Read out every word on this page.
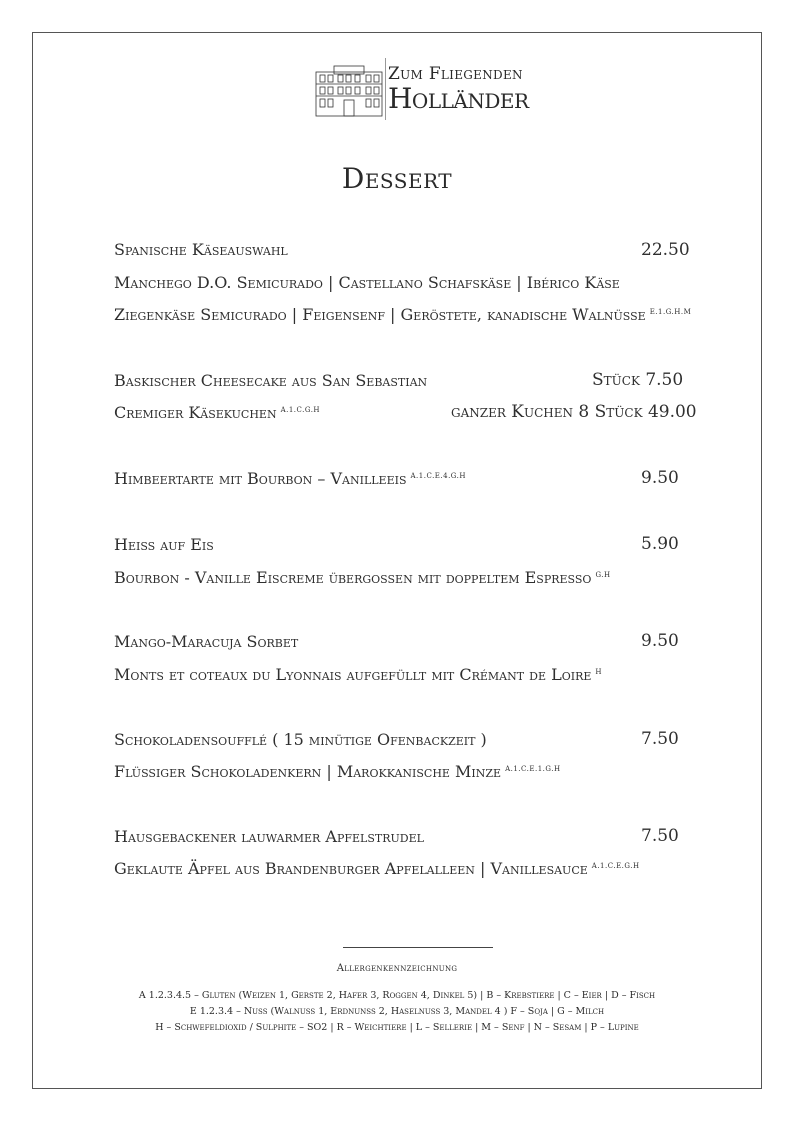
Zum Fliegenden
Holländer
Dessert
Spanische Käseauswahl	22.50
Manchego D.O. Semicurado | Castellano Schafskäse | Ibérico Käse
Ziegenkäse Semicurado | Feigensenf | Geröstete, kanadische Walnüsse $^{E.1.G.H.M}$
Baskischer Cheesecake aus San Sebastian	Stück 7.50
Cremiger Käsekuchen $^{A.1.C.G.H}$	ganzer Kuchen 8 Stück 49.00
Himbeertarte mit Bourbon – Vanilleeis $^{A.1.C.E.4.G.H}$	9.50
Heiß auf Eis	5.90
Bourbon - Vanille Eiscreme übergossen mit doppeltem Espresso $^{G.H}$
Mango-Maracuja Sorbet	9.50
Monts et coteaux du Lyonnais aufgefüllt mit Crémant de Loire $^H$
Schokoladensoufflé ( 15 minütige Ofenbackzeit )	7.50
Flüssiger Schokoladenkern | Marokkanische Minze $^{A.1.C.E.1.G.H}$
Hausgebackener lauwarmer Apfelstrudel	7.50
Geklaute Äpfel aus Brandenburger Apfelalleen | Vanillesauce $^{A.1.C.E.G.H}$
Allergenkennzeichnung
A 1.2.3.4.5 – Gluten (Weizen 1, Gerste 2, Hafer 3, Roggen 4, Dinkel 5) | B – Krebstiere | C – Eier | D – Fisch
E 1.2.3.4 – Nuss (Walnuss 1, Erdnunss 2, Haselnuss 3, Mandel 4 ) F – Soja | G – Milch
H – Schwefeldioxid / Sulphite – SO2 | R – Weichtiere | L – Sellerie | M – Senf | N – Sesam | P – Lupine
